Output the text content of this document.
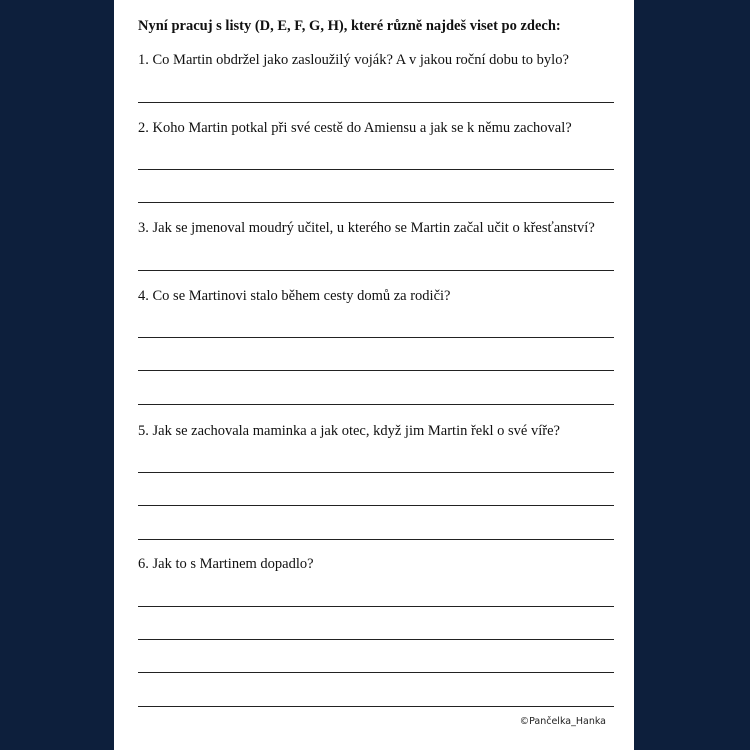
Nyní pracuj s listy (D, E, F, G, H), které různě najdeš viset po zdech:

1. Co Martin obdržel jako zasloužilý voják? A v jakou roční dobu to bylo?

2. Koho Martin potkal při své cestě do Amiensu a jak se k němu zachoval?

3. Jak se jmenoval moudrý učitel, u kterého se Martin začal učit o křesťanství?

4. Co se Martinovi stalo během cesty domů za rodiči?

5. Jak se zachovala maminka a jak otec, když jim Martin řekl o své víře?

6. Jak to s Martinem dopadlo?

©Pančelka_Hanka
